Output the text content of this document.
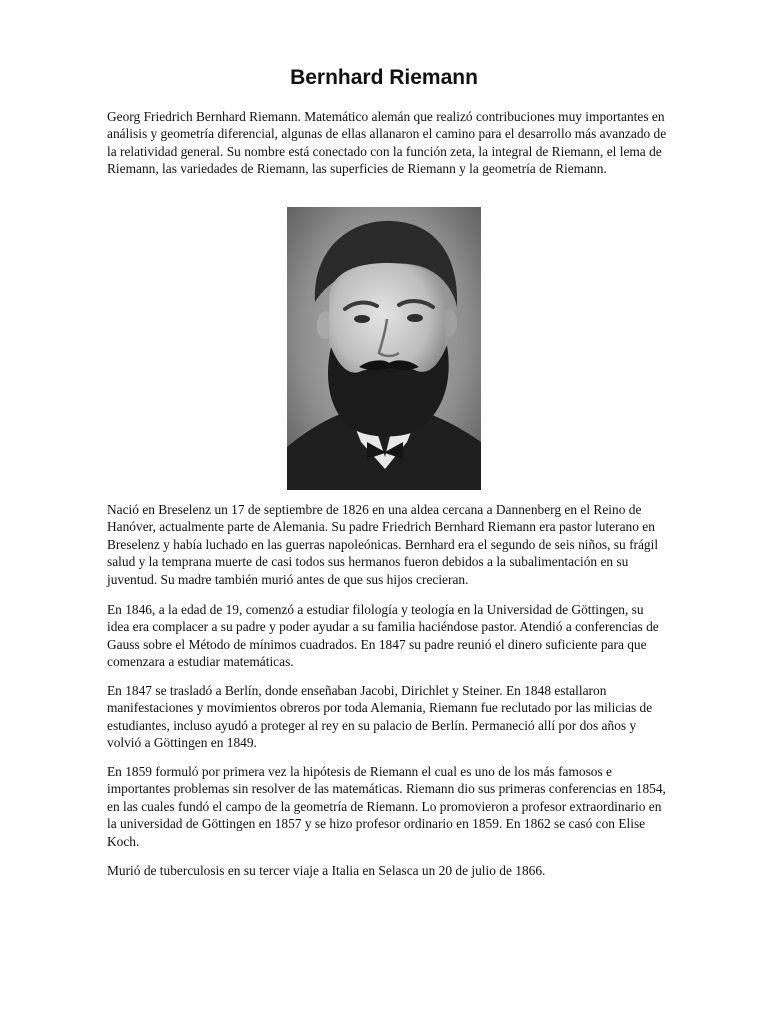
Bernhard Riemann

Georg Friedrich Bernhard Riemann. Matemático alemán que realizó contribuciones muy importantes en análisis y geometría diferencial, algunas de ellas allanaron el camino para el desarrollo más avanzado de la relatividad general. Su nombre está conectado con la función zeta, la integral de Riemann, el lema de Riemann, las variedades de Riemann, las superficies de Riemann y la geometría de Riemann.

Nació en Breselenz un 17 de septiembre de 1826 en una aldea cercana a Dannenberg en el Reino de Hanóver, actualmente parte de Alemania. Su padre Friedrich Bernhard Riemann era pastor luterano en Breselenz y había luchado en las guerras napoleónicas. Bernhard era el segundo de seis niños, su frágil salud y la temprana muerte de casi todos sus hermanos fueron debidos a la subalimentación en su juventud. Su madre también murió antes de que sus hijos crecieran.

En 1846, a la edad de 19, comenzó a estudiar filología y teología en la Universidad de Göttingen, su idea era complacer a su padre y poder ayudar a su familia haciéndose pastor. Atendió a conferencias de Gauss sobre el Método de mínimos cuadrados. En 1847 su padre reunió el dinero suficiente para que comenzara a estudiar matemáticas.

En 1847 se trasladó a Berlín, donde enseñaban Jacobi, Dirichlet y Steiner. En 1848 estallaron manifestaciones y movimientos obreros por toda Alemania, Riemann fue reclutado por las milicias de estudiantes, incluso ayudó a proteger al rey en su palacio de Berlín. Permaneció allí por dos años y volvió a Göttingen en 1849.

En 1859 formuló por primera vez la hipótesis de Riemann el cual es uno de los más famosos e importantes problemas sin resolver de las matemáticas. Riemann dio sus primeras conferencias en 1854, en las cuales fundó el campo de la geometría de Riemann. Lo promovieron a profesor extraordinario en la universidad de Göttingen en 1857 y se hizo profesor ordinario en 1859. En 1862 se casó con Elise Koch.

Murió de tuberculosis en su tercer viaje a Italia en Selasca un 20 de julio de 1866.
